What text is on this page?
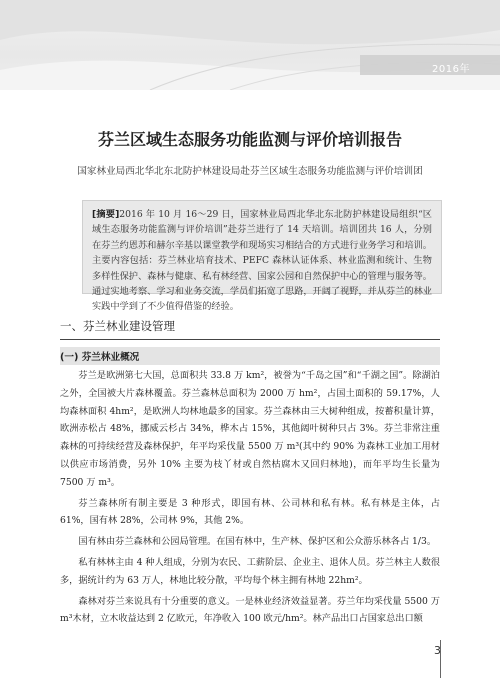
2016年
芬兰区域生态服务功能监测与评价培训报告
国家林业局西北华北东北防护林建设局赴芬兰区域生态服务功能监测与评价培训团
[摘要]2016 年 10 月 16～29 日，国家林业局西北华北东北防护林建设局组织“区域生态服务功能监测与评价培训”赴芬兰进行了 14 天培训。培训团共 16 人，分别在芬兰约恩苏和赫尔辛基以课堂教学和现场实习相结合的方式进行业务学习和培训。主要内容包括：芬兰林业培育技术、PEFC 森林认证体系、林业监测和统计、生物多样性保护、森林与健康、私有林经营、国家公园和自然保护中心的管理与服务等。通过实地考察、学习和业务交流，学员们拓宽了思路，开阔了视野，并从芬兰的林业实践中学到了不少值得借鉴的经验。
一、芬兰林业建设管理
(一) 芬兰林业概况

芬兰是欧洲第七大国，总面积共 33.8 万 km²，被誉为“千岛之国”和“千湖之国”。除湖泊之外，全国被大片森林覆盖。芬兰森林总面积为 2000 万 hm²，占国土面积的 59.17%，人均森林面积 4hm²，是欧洲人均林地最多的国家。芬兰森林由三大树种组成，按蓄积量计算，欧洲赤松占 48%，挪威云杉占 34%，桦木占 15%，其他阔叶树种只占 3%。芬兰非常注重森林的可持续经营及森林保护，年平均采伐量 5500 万 m³(其中约 90% 为森林工业加工用材以供应市场消费，另外 10% 主要为枝丫材或自然枯腐木又回归林地)，而年平均生长量为 7500 万 m³。

芬兰森林所有制主要是 3 种形式，即国有林、公司林和私有林。私有林是主体，占 61%，国有林 28%，公司林 9%，其他 2%。

国有林由芬兰森林和公园局管理。在国有林中，生产林、保护区和公众游乐林各占 1/3。

私有林林主由 4 种人组成，分别为农民、工薪阶层、企业主、退休人员。芬兰林主人数很多，据统计约为 63 万人，林地比较分散，平均每个林主拥有林地 22hm²。

森林对芬兰来说具有十分重要的意义。一是林业经济效益显著。芬兰年均采伐量 5500 万 m³木材，立木收益达到 2 亿欧元，年净收入 100 欧元/hm²。林产品出口占国家总出口额

3
